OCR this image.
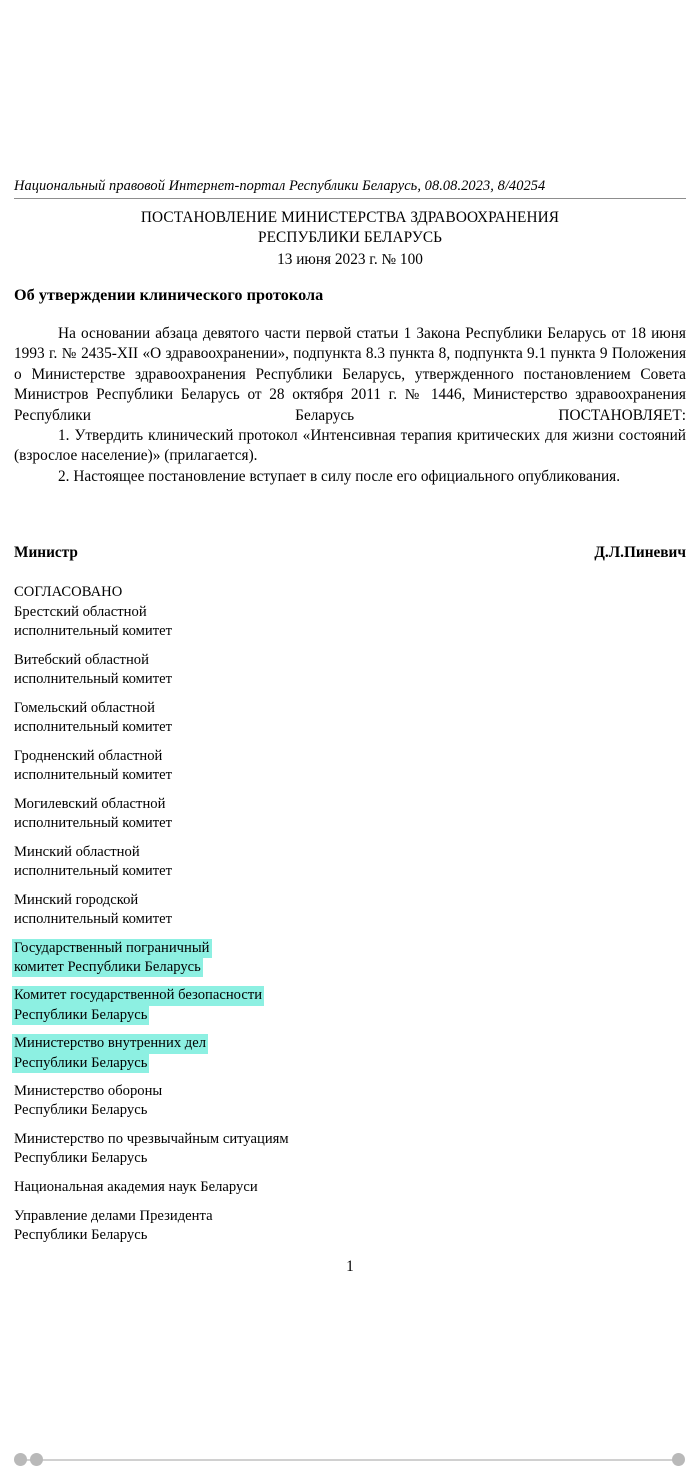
Национальный правовой Интернет-портал Республики Беларусь, 08.08.2023, 8/40254
ПОСТАНОВЛЕНИЕ МИНИСТЕРСТВА ЗДРАВООХРАНЕНИЯ
РЕСПУБЛИКИ БЕЛАРУСЬ
13 июня 2023 г. № 100
Об утверждении клинического протокола

На основании абзаца девятого части первой статьи 1 Закона Республики Беларусь от 18 июня 1993 г. № 2435-XII «О здравоохранении», подпункта 8.3 пункта 8, подпункта 9.1 пункта 9 Положения о Министерстве здравоохранения Республики Беларусь, утвержденного постановлением Совета Министров Республики Беларусь от 28 октября 2011 г. № 1446, Министерство здравоохранения Республики Беларусь ПОСТАНОВЛЯЕТ:

1. Утвердить клинический протокол «Интенсивная терапия критических для жизни состояний (взрослое население)» (прилагается).

2. Настоящее постановление вступает в силу после его официального опубликования.

Министр	Д.Л.Пиневич
СОГЛАСОВАНО
Брестский областной
исполнительный комитет
Витебский областной
исполнительный комитет
Гомельский областной
исполнительный комитет
Гродненский областной
исполнительный комитет
Могилевский областной
исполнительный комитет
Минский областной
исполнительный комитет
Минский городской
исполнительный комитет
Государственный пограничный
комитет Республики Беларусь
Комитет государственной безопасности
Республики Беларусь
Министерство внутренних дел
Республики Беларусь
Министерство обороны
Республики Беларусь
Министерство по чрезвычайным ситуациям
Республики Беларусь
Национальная академия наук Беларуси
Управление делами Президента
Республики Беларусь
1
